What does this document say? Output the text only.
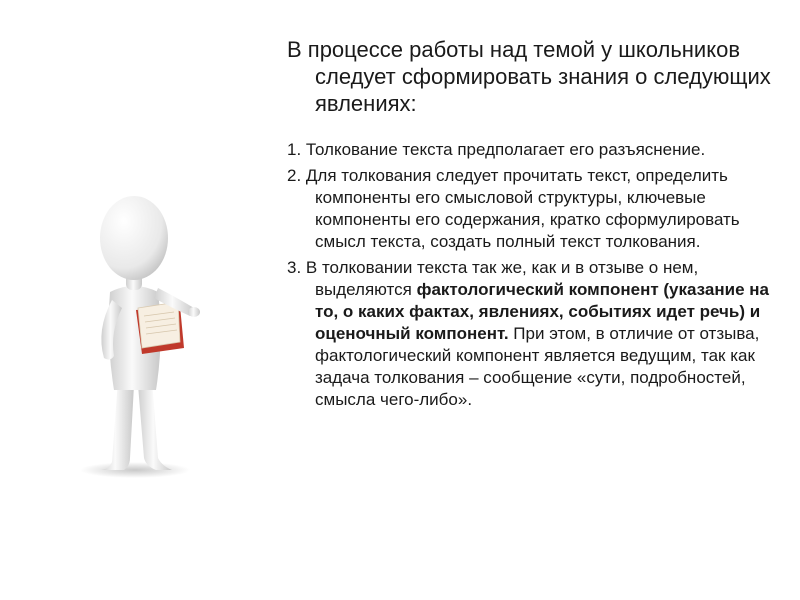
В процессе работы над темой у школьников следует сформировать знания о следующих явлениях:

1. Толкование текста предполагает его разъяснение.

2. Для толкования следует прочитать текст, определить компоненты его смысловой структуры, ключевые компоненты его содержания, кратко сформулировать смысл текста, создать полный текст толкования.

3. В толковании текста так же, как и в отзыве о нем, выделяются фактологический компонент (указание на то, о каких фактах, явлениях, событиях идет речь) и оценочный компонент. При этом, в отличие от отзыва, фактологический компонент является ведущим, так как задача толкования – сообщение «сути, подробностей, смысла чего-либо».
